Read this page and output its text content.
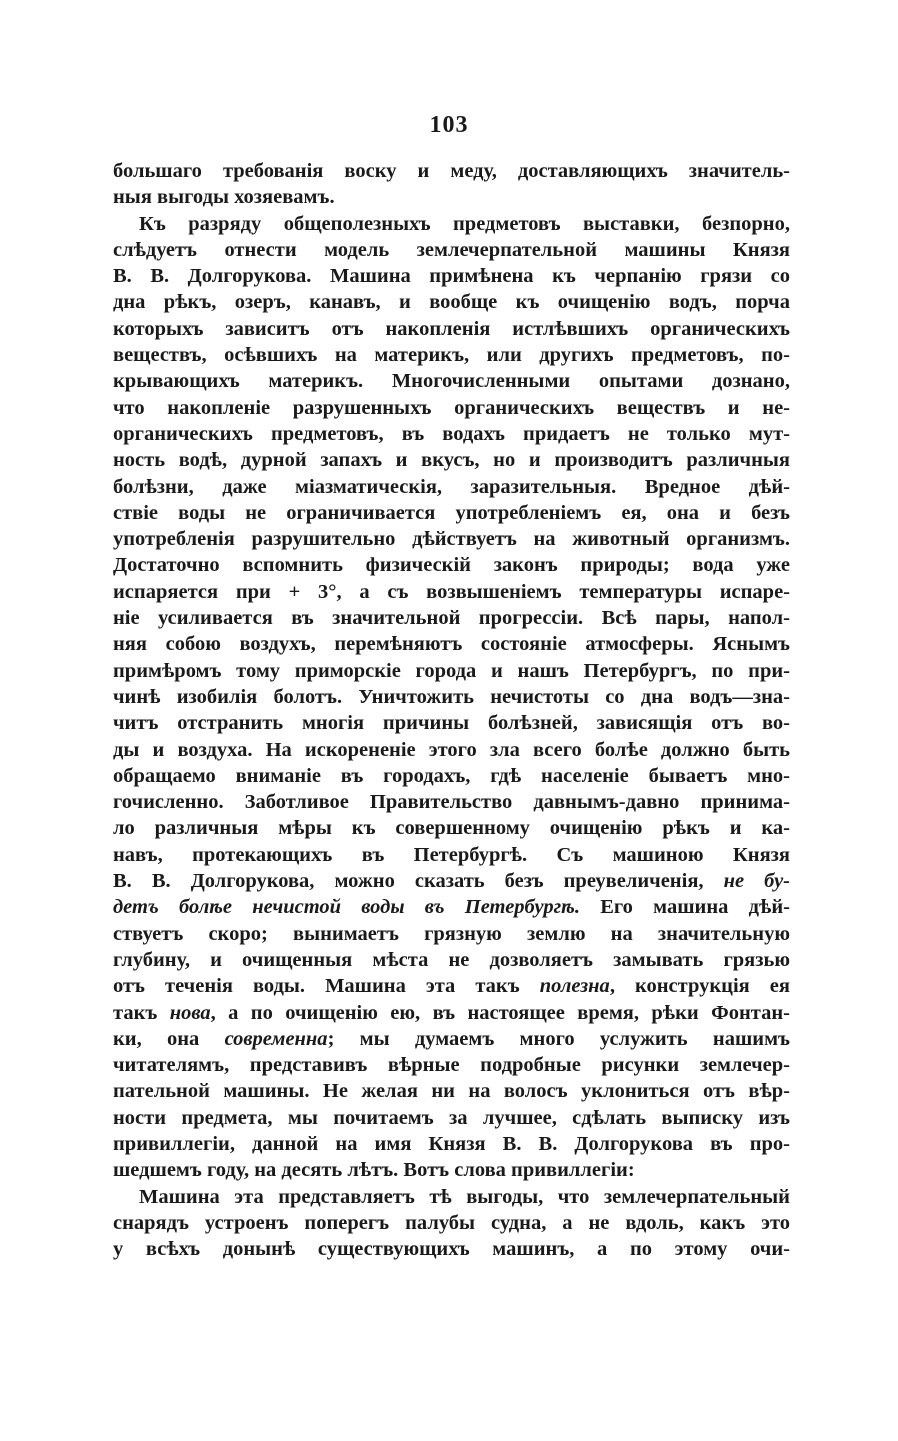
103
большаго требованія воску и меду, доставляющихъ значитель-
ныя выгоды хозяевамъ.
Къ разряду общеполезныхъ предметовъ выставки, безпорно,
слѣдуетъ отнести модель землечерпательной машины Князя
В. В. Долгорукова. Машина примѣнена къ черпанію грязи со
дна рѣкъ, озеръ, канавъ, и вообще къ очищенію водъ, порча
которыхъ зависитъ отъ накопленія истлѣвшихъ органическихъ
веществъ, осѣвшихъ на материкъ, или другихъ предметовъ, по-
крывающихъ материкъ. Многочисленными опытами дознано,
что накопленіе разрушенныхъ органическихъ веществъ и не-
органическихъ предметовъ, въ водахъ придаетъ не только мут-
ность водѣ, дурной запахъ и вкусъ, но и производитъ различныя
болѣзни, даже міазматическія, заразительныя. Вредное дѣй-
ствіе воды не ограничивается употребленіемъ ея, она и безъ
употребленія разрушительно дѣйствуетъ на животный организмъ.
Достаточно вспомнить физическій законъ природы; вода уже
испаряется при + 3°, а съ возвышеніемъ температуры испаре-
ніе усиливается въ значительной прогрессіи. Всѣ пары, напол-
няя собою воздухъ, перемѣняютъ состояніе атмосферы. Яснымъ
примѣромъ тому приморскіе города и нашъ Петербургъ, по при-
чинѣ изобилія болотъ. Уничтожить нечистоты со дна водъ—зна-
читъ отстранить многія причины болѣзней, зависящія отъ во-
ды и воздуха. На искорененіе этого зла всего болѣе должно быть
обращаемо вниманіе въ городахъ, гдѣ населеніе бываетъ мно-
гочисленно. Заботливое Правительство давнымъ-давно принима-
ло различныя мѣры къ совершенному очищенію рѣкъ и ка-
навъ, протекающихъ въ Петербургѣ. Съ машиною Князя
В. В. Долгорукова, можно сказать безъ преувеличенія, не бу-
детъ болѣе нечистой воды въ Петербургѣ. Его машина дѣй-
ствуетъ скоро; вынимаетъ грязную землю на значительную
глубину, и очищенныя мѣста не дозволяетъ замывать грязью
отъ теченія воды. Машина эта такъ полезна, конструкція ея
такъ нова, а по очищенію ею, въ настоящее время, рѣки Фонтан-
ки, она современна; мы думаемъ много услужить нашимъ
читателямъ, представивъ вѣрные подробные рисунки землечер-
пательной машины. Не желая ни на волосъ уклониться отъ вѣр-
ности предмета, мы почитаемъ за лучшее, сдѣлать выписку изъ
привиллегіи, данной на имя Князя В. В. Долгорукова въ про-
шедшемъ году, на десять лѣтъ. Вотъ слова привиллегіи:
Машина эта представляетъ тѣ выгоды, что землечерпательный
снарядъ устроенъ поперегъ палубы судна, а не вдоль, какъ это
у всѣхъ донынѣ существующихъ машинъ, а по этому очи-
